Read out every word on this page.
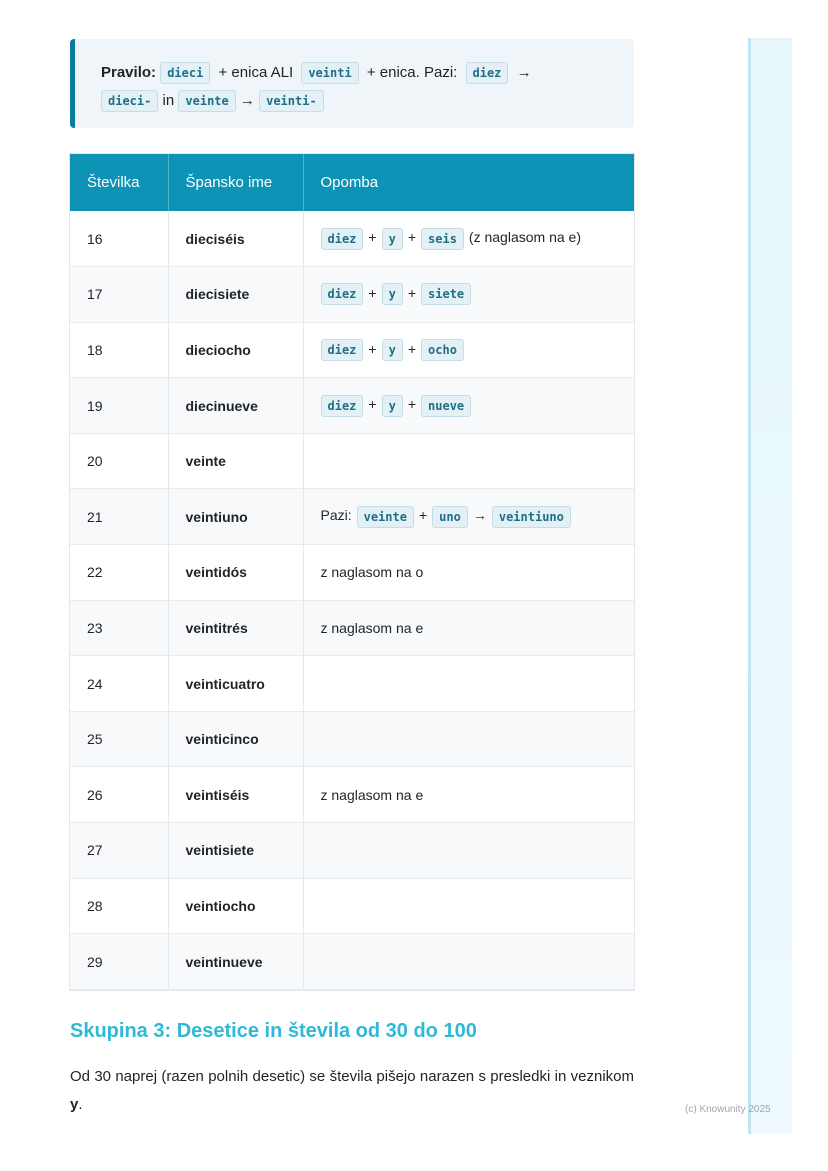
Pravilo: dieci + enica ALI veinti + enica. Pazi: diez →
dieci- in veinte → veinti-
Številka	Špansko ime	Opomba
16	dieciséis	diez + y + seis (z naglasom na e)
17	diecisiete	diez + y + siete
18	dieciocho	diez + y + ocho
19	diecinueve	diez + y + nueve
20	veinte	
21	veintiuno	Pazi: veinte + uno → veintiuno
22	veintidós	z naglasom na o
23	veintitrés	z naglasom na e
24	veinticuatro	
25	veinticinco	
26	veintiséis	z naglasom na e
27	veintisiete	
28	veintiocho	
29	veintinueve	
Skupina 3: Desetice in števila od 30 do 100

Od 30 naprej (razen polnih desetic) se števila pišejo narazen s presledki in veznikom y.	(c) Knowunity 2025
